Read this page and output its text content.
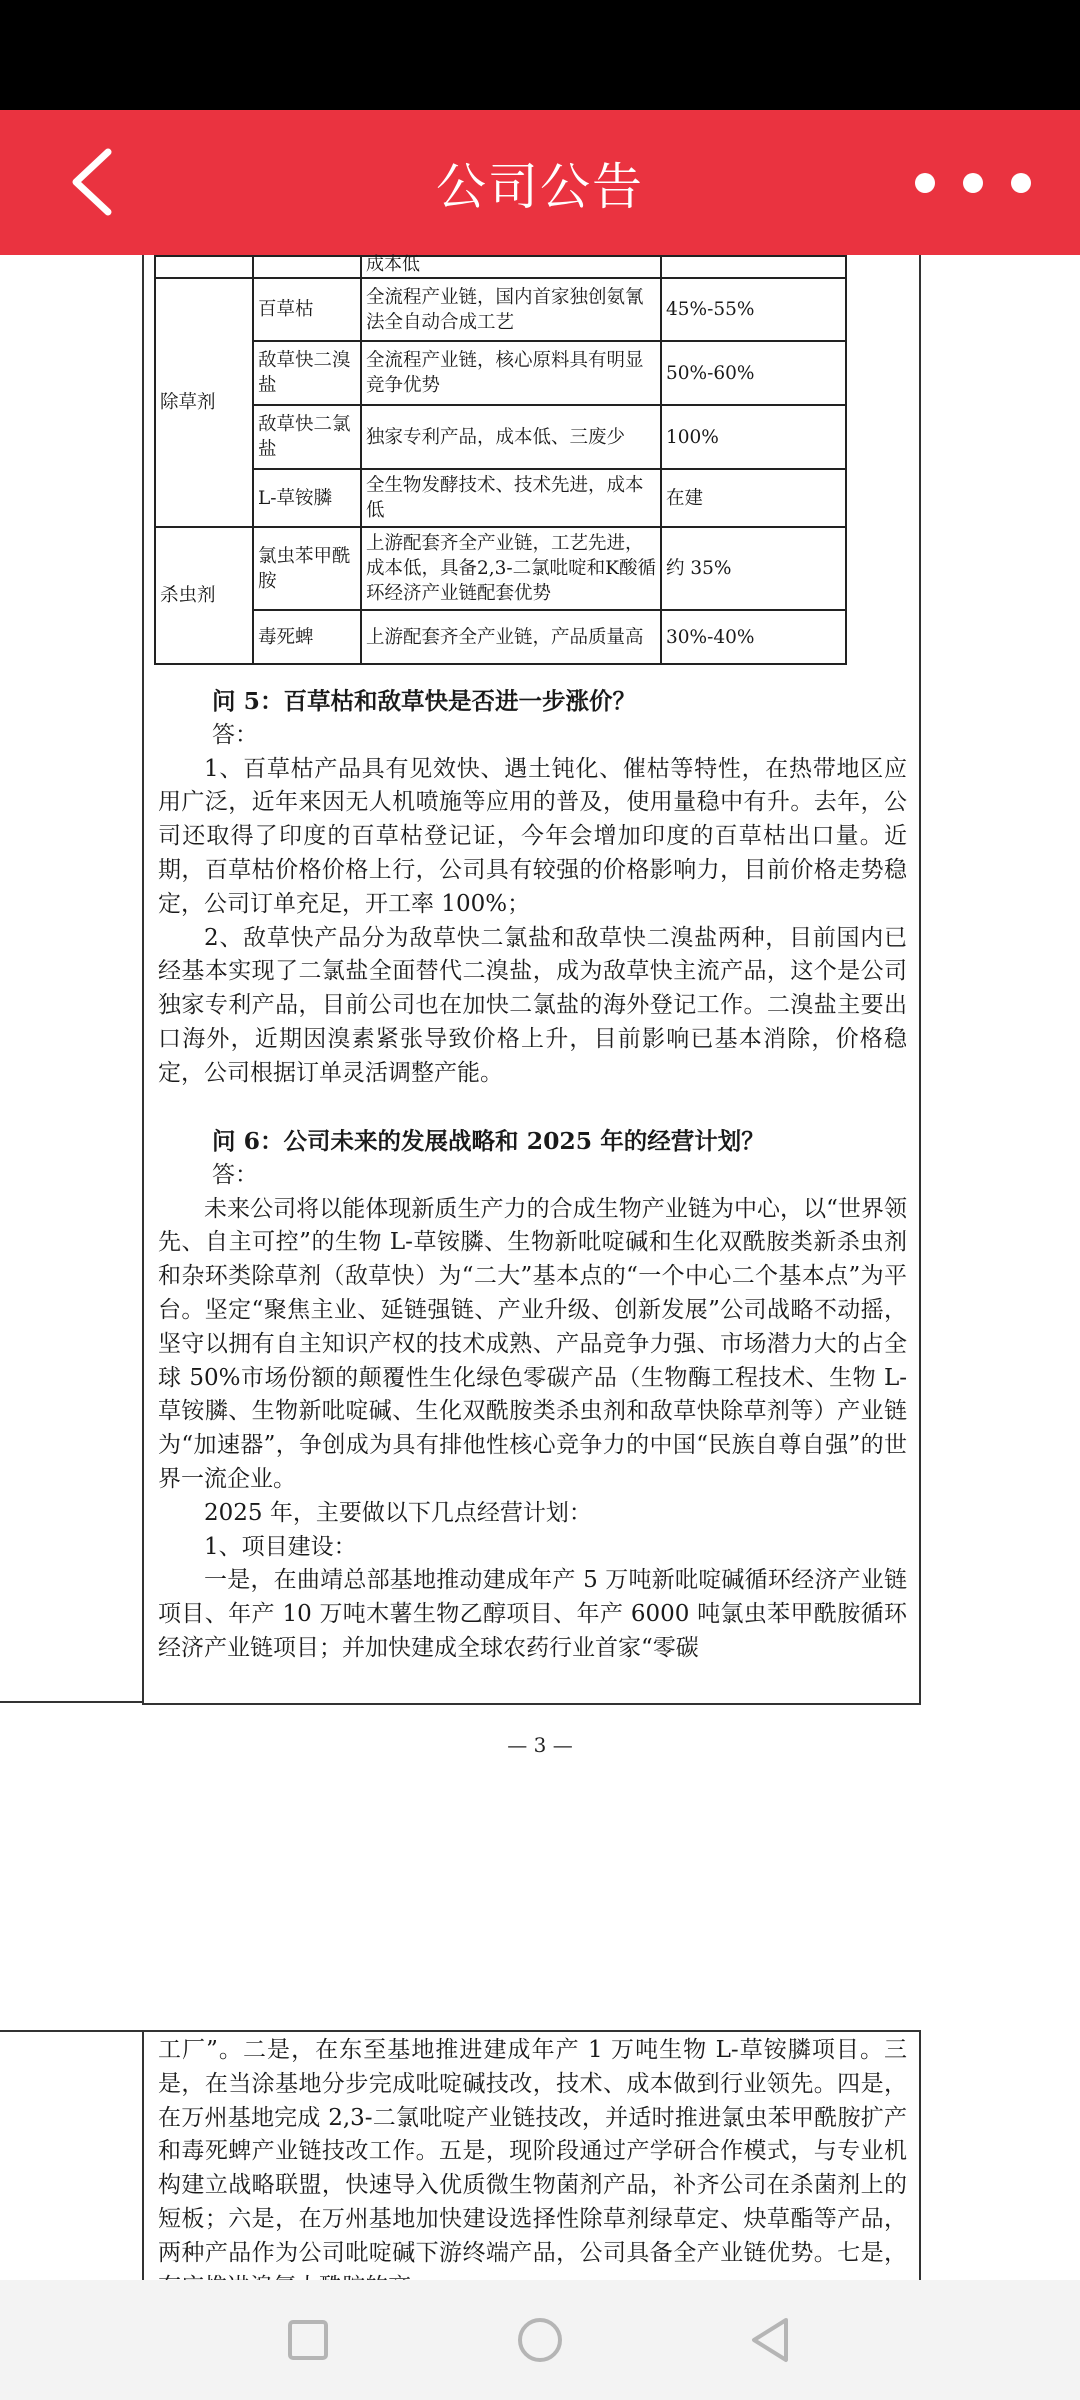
公司公告

		成本低	

除草剂	百草枯	全流程产业链，国内首家独创氨氰法全自动合成工艺	45%-55%
	敌草快二溴盐	全流程产业链，核心原料具有明显竞争优势	50%-60%
	敌草快二氯盐	独家专利产品，成本低、三废少	100%
	L-草铵膦	全生物发酵技术、技术先进，成本低	在建
杀虫剂	氯虫苯甲酰胺	上游配套齐全产业链，工艺先进，成本低，具备2,3-二氯吡啶和K酸循环经济产业链配套优势	约 35%
	毒死蜱	上游配套齐全产业链，产品质量高	30%-40%

问 5：百草枯和敌草快是否进一步涨价？

答：

1、百草枯产品具有见效快、遇土钝化、催枯等特性，在热带地区应用广泛，近年来因无人机喷施等应用的普及，使用量稳中有升。去年，公司还取得了印度的百草枯登记证，今年会增加印度的百草枯出口量。近期，百草枯价格价格上行，公司具有较强的价格影响力，目前价格走势稳定，公司订单充足，开工率 100%；

2、敌草快产品分为敌草快二氯盐和敌草快二溴盐两种，目前国内已经基本实现了二氯盐全面替代二溴盐，成为敌草快主流产品，这个是公司独家专利产品，目前公司也在加快二氯盐的海外登记工作。二溴盐主要出口海外，近期因溴素紧张导致价格上升，目前影响已基本消除，价格稳定，公司根据订单灵活调整产能。

问 6：公司未来的发展战略和 2025 年的经营计划？

答：

未来公司将以能体现新质生产力的合成生物产业链为中心，以“世界领先、自主可控”的生物 L-草铵膦、生物新吡啶碱和生化双酰胺类新杀虫剂和杂环类除草剂（敌草快）为“二大”基本点的“一个中心二个基本点”为平台。坚定“聚焦主业、延链强链、产业升级、创新发展”公司战略不动摇，坚守以拥有自主知识产权的技术成熟、产品竞争力强、市场潜力大的占全球 50%市场份额的颠覆性生化绿色零碳产品（生物酶工程技术、生物 L-草铵膦、生物新吡啶碱、生化双酰胺类杀虫剂和敌草快除草剂等）产业链为“加速器”，争创成为具有排他性核心竞争力的中国“民族自尊自强”的世界一流企业。

2025 年，主要做以下几点经营计划：

1、项目建设：

一是，在曲靖总部基地推动建成年产 5 万吨新吡啶碱循环经济产业链项目、年产 10 万吨木薯生物乙醇项目、年产 6000 吨氯虫苯甲酰胺循环经济产业链项目；并加快建成全球农药行业首家“零碳

— 3 —

工厂”。二是，在东至基地推进建成年产 1 万吨生物 L-草铵膦项目。三是，在当涂基地分步完成吡啶碱技改，技术、成本做到行业领先。四是，在万州基地完成 2,3-二氯吡啶产业链技改，并适时推进氯虫苯甲酰胺扩产和毒死蜱产业链技改工作。五是，现阶段通过产学研合作模式，与专业机构建立战略联盟，快速导入优质微生物菌剂产品，补齐公司在杀菌剂上的短板；六是，在万州基地加快建设选择性除草剂绿草定、炔草酯等产品，两种产品作为公司吡啶碱下游终端产品，公司具备全产业链优势。七是，
